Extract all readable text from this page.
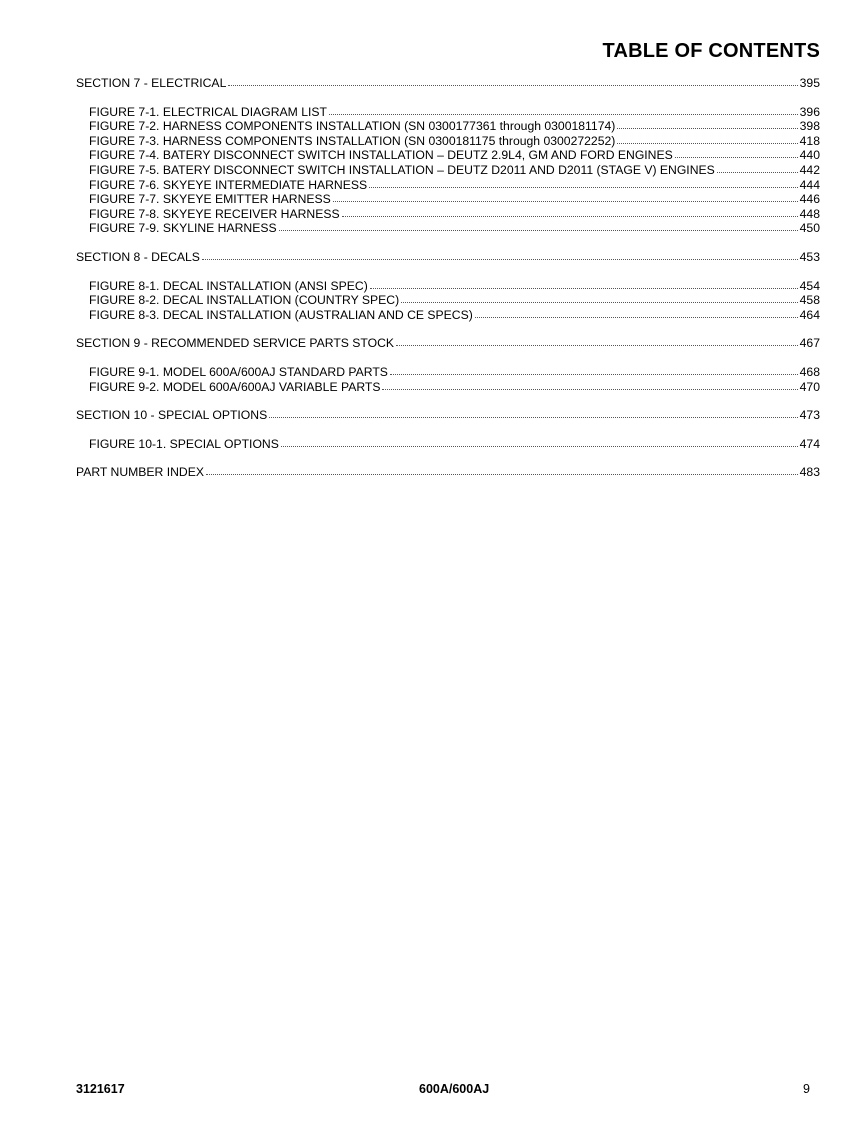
TABLE OF CONTENTS
SECTION 7 - ELECTRICAL	395
FIGURE 7-1. ELECTRICAL DIAGRAM LIST	396
FIGURE 7-2. HARNESS COMPONENTS INSTALLATION (SN 0300177361 through 0300181174)	398
FIGURE 7-3. HARNESS COMPONENTS INSTALLATION (SN 0300181175 through 0300272252)	418
FIGURE 7-4. BATERY DISCONNECT SWITCH INSTALLATION – DEUTZ 2.9L4, GM AND FORD ENGINES	440
FIGURE 7-5. BATERY DISCONNECT SWITCH INSTALLATION – DEUTZ D2011 AND D2011 (STAGE V) ENGINES	442
FIGURE 7-6. SKYEYE INTERMEDIATE HARNESS	444
FIGURE 7-7. SKYEYE EMITTER HARNESS	446
FIGURE 7-8. SKYEYE RECEIVER HARNESS	448
FIGURE 7-9. SKYLINE HARNESS	450
SECTION 8 - DECALS	453
FIGURE 8-1. DECAL INSTALLATION (ANSI SPEC)	454
FIGURE 8-2. DECAL INSTALLATION (COUNTRY SPEC)	458
FIGURE 8-3. DECAL INSTALLATION (AUSTRALIAN AND CE SPECS)	464
SECTION 9 - RECOMMENDED SERVICE PARTS STOCK	467
FIGURE 9-1. MODEL 600A/600AJ STANDARD PARTS	468
FIGURE 9-2. MODEL 600A/600AJ VARIABLE PARTS	470
SECTION 10 - SPECIAL OPTIONS	473
FIGURE 10-1. SPECIAL OPTIONS	474
PART NUMBER INDEX	483
3121617	600A/600AJ	9
